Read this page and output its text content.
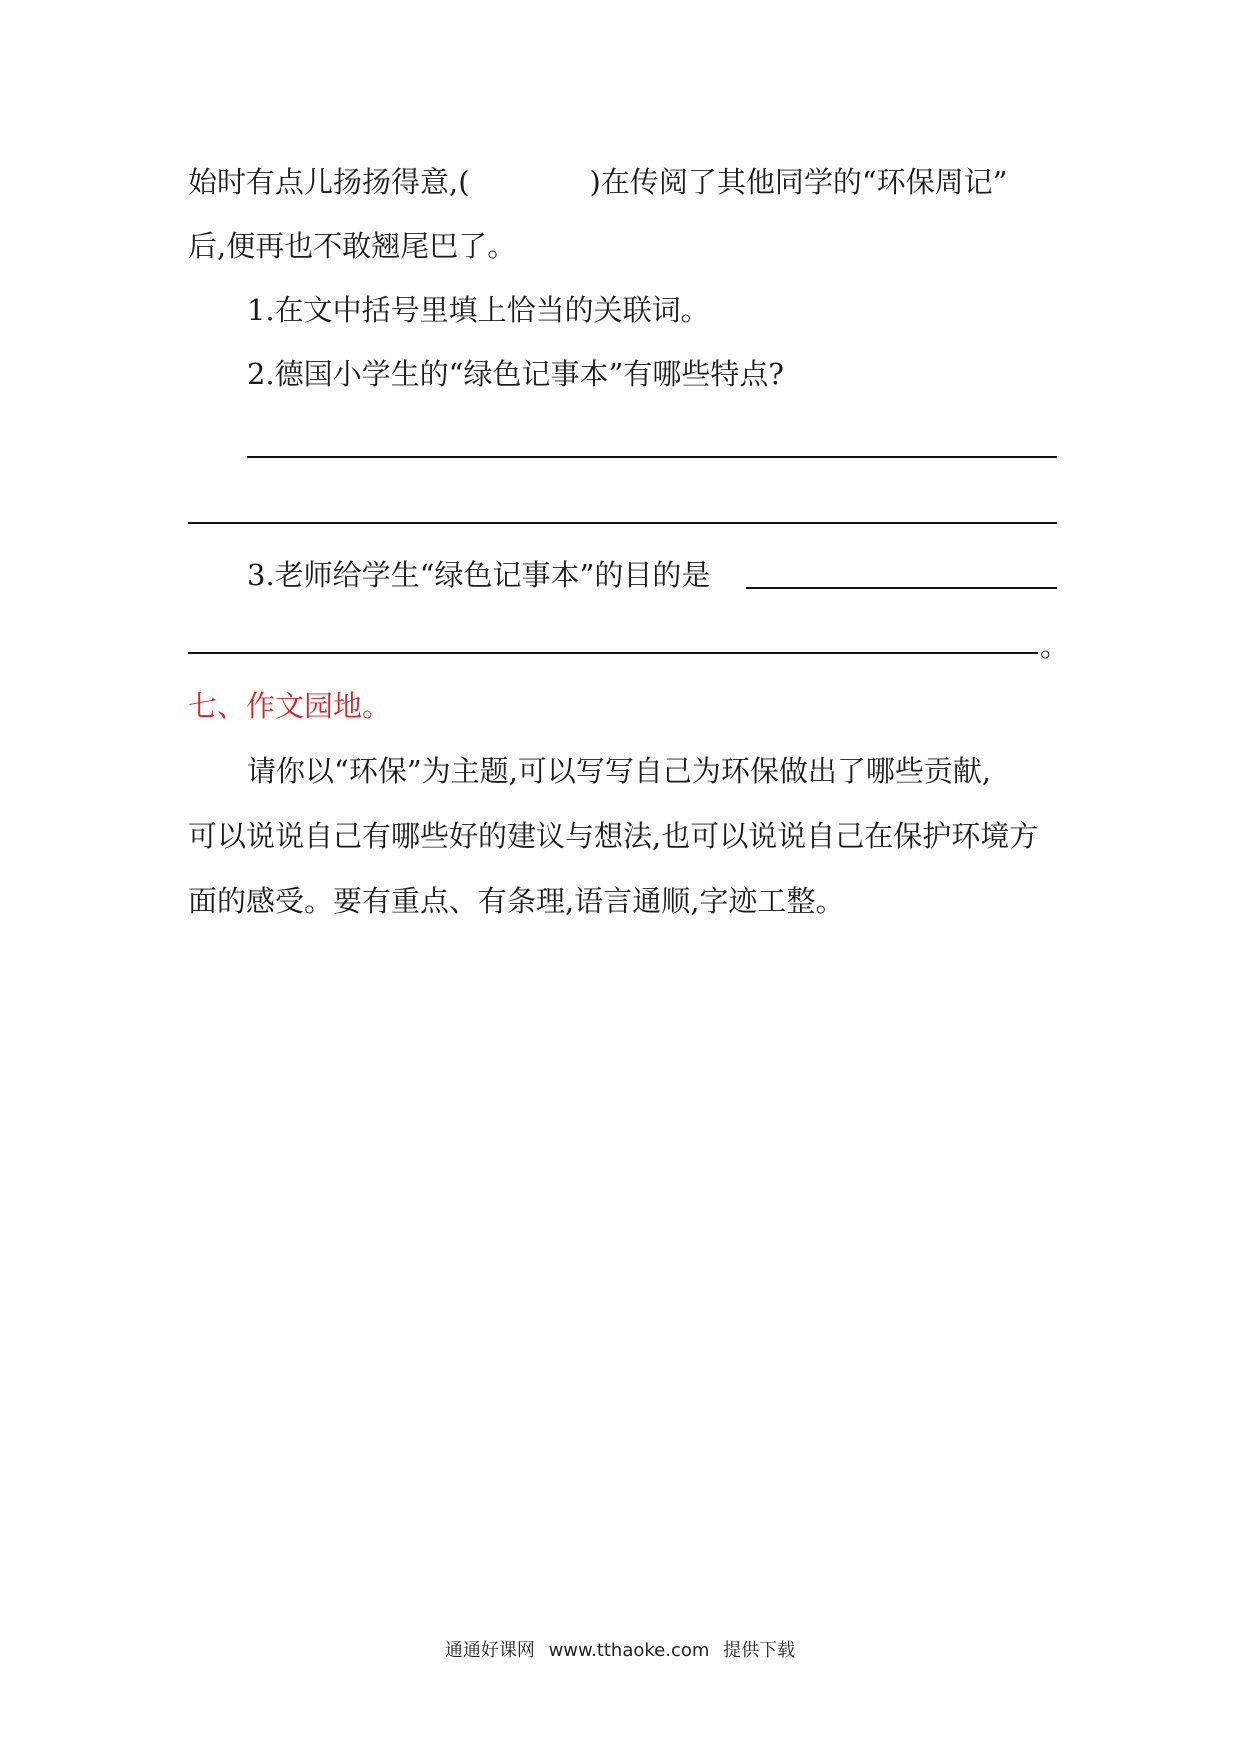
始时有点儿扬扬得意,(	)在传阅了其他同学的“环保周记”
后,便再也不敢翘尾巴了。
1.在文中括号里填上恰当的关联词。
2.德国小学生的“绿色记事本”有哪些特点?
3.老师给学生“绿色记事本”的目的是
。
七、作文园地。
请你以“环保”为主题,可以写写自己为环保做出了哪些贡献,
可以说说自己有哪些好的建议与想法,也可以说说自己在保护环境方
面的感受。要有重点、有条理,语言通顺,字迹工整。
通通好课网 www.tthaoke.com 提供下载
